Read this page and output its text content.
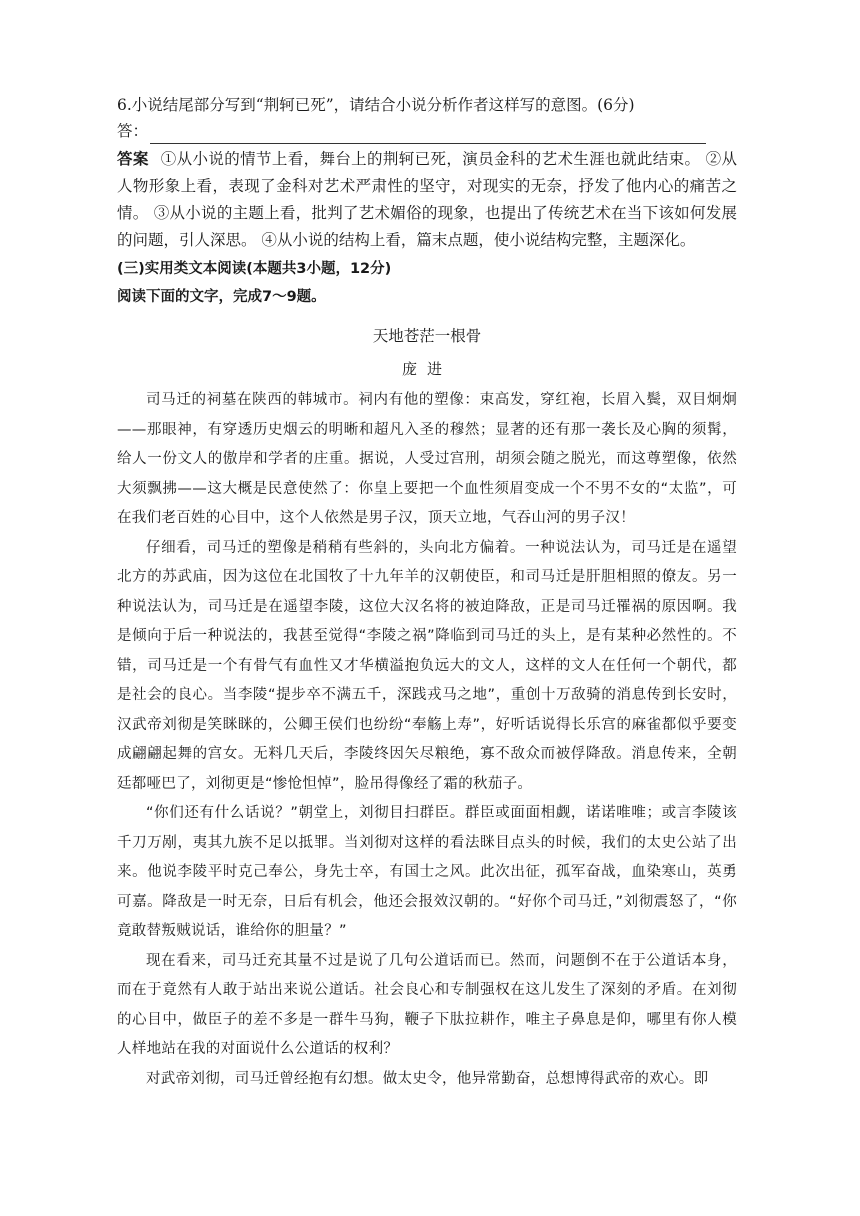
6.小说结尾部分写到“荆轲已死”，请结合小说分析作者这样写的意图。(6分)

答：

答案 ①从小说的情节上看，舞台上的荆轲已死，演员金科的艺术生涯也就此结束。 ②从人物形象上看，表现了金科对艺术严肃性的坚守，对现实的无奈，抒发了他内心的痛苦之情。 ③从小说的主题上看，批判了艺术媚俗的现象，也提出了传统艺术在当下该如何发展的问题，引人深思。 ④从小说的结构上看，篇末点题，使小说结构完整，主题深化。

(三)实用类文本阅读(本题共3小题，12分)

阅读下面的文字，完成7～9题。

天地苍茫一根骨

庞进

司马迁的祠墓在陕西的韩城市。祠内有他的塑像：束高发，穿红袍，长眉入鬓，双目炯炯——那眼神，有穿透历史烟云的明晰和超凡入圣的穆然；显著的还有那一袭长及心胸的须髯，给人一份文人的傲岸和学者的庄重。据说，人受过宫刑，胡须会随之脱光，而这尊塑像，依然大须飘拂——这大概是民意使然了：你皇上要把一个血性须眉变成一个不男不女的“太监”，可在我们老百姓的心目中，这个人依然是男子汉，顶天立地，气吞山河的男子汉！

仔细看，司马迁的塑像是稍稍有些斜的，头向北方偏着。一种说法认为，司马迁是在遥望北方的苏武庙，因为这位在北国牧了十九年羊的汉朝使臣，和司马迁是肝胆相照的僚友。另一种说法认为，司马迁是在遥望李陵，这位大汉名将的被迫降敌，正是司马迁罹祸的原因啊。我是倾向于后一种说法的，我甚至觉得“李陵之祸”降临到司马迁的头上，是有某种必然性的。不错，司马迁是一个有骨气有血性又才华横溢抱负远大的文人，这样的文人在任何一个朝代，都是社会的良心。当李陵“提步卒不满五千，深践戎马之地”，重创十万敌骑的消息传到长安时，汉武帝刘彻是笑眯眯的，公卿王侯们也纷纷“奉觞上寿”，好听话说得长乐宫的麻雀都似乎要变成翩翩起舞的宫女。无料几天后，李陵终因矢尽粮绝，寡不敌众而被俘降敌。消息传来，全朝廷都哑巴了，刘彻更是“惨怆怛悼”，脸吊得像经了霜的秋茄子。

“你们还有什么话说？”朝堂上，刘彻目扫群臣。群臣或面面相觑，诺诺唯唯；或言李陵该千刀万剐，夷其九族不足以抵罪。当刘彻对这样的看法眯目点头的时候，我们的太史公站了出来。他说李陵平时克己奉公，身先士卒，有国士之风。此次出征，孤军奋战，血染寒山，英勇可嘉。降敌是一时无奈，日后有机会，他还会报效汉朝的。“好你个司马迁，”刘彻震怒了，“你竟敢替叛贼说话，谁给你的胆量？”

现在看来，司马迁充其量不过是说了几句公道话而已。然而，问题倒不在于公道话本身，而在于竟然有人敢于站出来说公道话。社会良心和专制强权在这儿发生了深刻的矛盾。在刘彻的心目中，做臣子的差不多是一群牛马狗，鞭子下肽拉耕作，唯主子鼻息是仰，哪里有你人模人样地站在我的对面说什么公道话的权利？

对武帝刘彻，司马迁曾经抱有幻想。做太史令，他异常勤奋，总想博得武帝的欢心。即
